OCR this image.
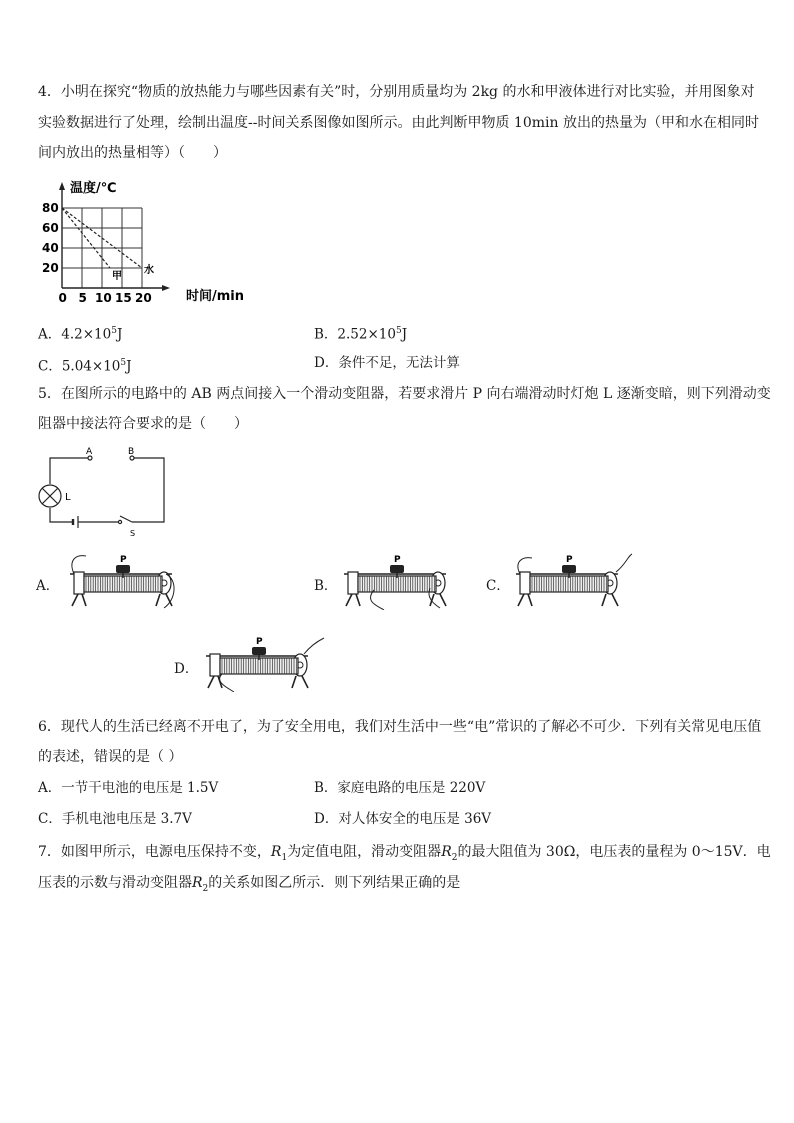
4．小明在探究“物质的放热能力与哪些因素有关”时，分别用质量均为 2kg 的水和甲液体进行对比实验，并用图象对
实验数据进行了处理，绘制出温度--时间关系图像如图所示。由此判断甲物质 10min 放出的热量为（甲和水在相同时
间内放出的热量相等）（　　）
温度/℃
甲
水
0 5 10 15 20
20
40
60
80
时间/min
A．$4.2\times 10^5J$	B．$2.52\times 10^5J$
C．$5.04\times 10^5J$	D．条件不足，无法计算
5．在图所示的电路中的 AB 两点间接入一个滑动变阻器，若要求滑片 P 向右端滑动时灯炮 L 逐渐变暗，则下列滑动变
阻器中接法符合要求的是（　　）
A	B
L
S
A．
P
B．
P
C．
P
D．
P
6．现代人的生活已经离不开电了，为了安全用电，我们对生活中一些“电”常识的了解必不可少．下列有关常见电压值
的表述，错误的是（ ）
A．一节干电池的电压是 1.5V	B．家庭电路的电压是 220V
C．手机电池电压是 3.7V	D．对人体安全的电压是 36V
7．如图甲所示，电源电压保持不变，$R_1$为定值电阻，滑动变阻器$R_2$的最大阻值为 30Ω，电压表的量程为 0～15V．电
压表的示数与滑动变阻器$R_2$的关系如图乙所示．则下列结果正确的是
